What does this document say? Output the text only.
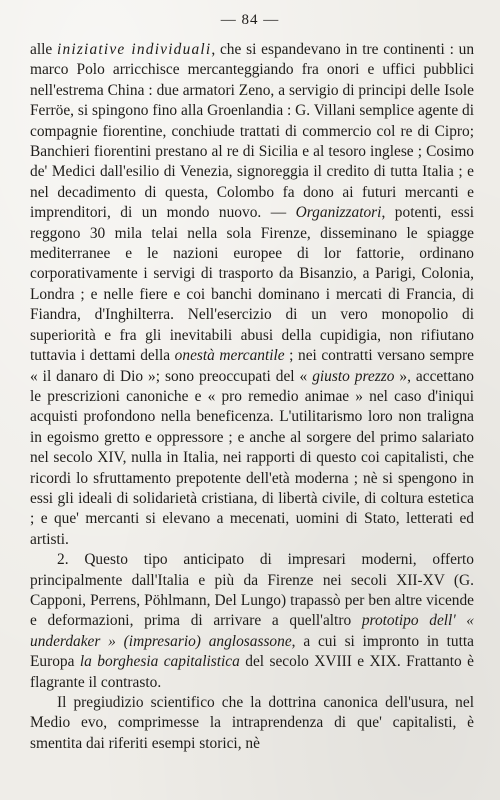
— 84 —

alle iniziative individuali, che si espandevano in tre continenti : un marco Polo arricchisce mercanteggiando fra onori e uffici pubblici nell'estrema China : due armatori Zeno, a servigio di principi delle Isole Ferröe, si spingono fino alla Groenlandia : G. Villani semplice agente di compagnie fiorentine, conchiude trattati di commercio col re di Cipro; Banchieri fiorentini prestano al re di Sicilia e al tesoro inglese ; Cosimo de' Medici dall'esilio di Venezia, signoreggia il credito di tutta Italia ; e nel decadimento di questa, Colombo fa dono ai futuri mercanti e imprenditori, di un mondo nuovo. — Organizzatori, potenti, essi reggono 30 mila telai nella sola Firenze, disseminano le spiagge mediterranee e le nazioni europee di lor fattorie, ordinano corporativamente i servigi di trasporto da Bisanzio, a Parigi, Colonia, Londra ; e nelle fiere e coi banchi dominano i mercati di Francia, di Fiandra, d'Inghilterra. Nell'esercizio di un vero monopolio di superiorità e fra gli inevitabili abusi della cupidigia, non rifiutano tuttavia i dettami della onestà mercantile ; nei contratti versano sempre « il danaro di Dio »; sono preoccupati del « giusto prezzo », accettano le prescrizioni canoniche e « pro remedio animae » nel caso d'iniqui acquisti profondono nella beneficenza. L'utilitarismo loro non traligna in egoismo gretto e oppressore ; e anche al sorgere del primo salariato nel secolo XIV, nulla in Italia, nei rapporti di questo coi capitalisti, che ricordi lo sfruttamento prepotente dell'età moderna ; nè si spengono in essi gli ideali di solidarietà cristiana, di libertà civile, di coltura estetica ; e que' mercanti si elevano a mecenati, uomini di Stato, letterati ed artisti.

2. Questo tipo anticipato di impresari moderni, offerto principalmente dall'Italia e più da Firenze nei secoli XII-XV (G. Capponi, Perrens, Pöhlmann, Del Lungo) trapassò per ben altre vicende e deformazioni, prima di arrivare a quell'altro prototipo dell' « underdaker » (impresario) anglosassone, a cui si impronto in tutta Europa la borghesia capitalistica del secolo XVIII e XIX. Frattanto è flagrante il contrasto.

Il pregiudizio scientifico che la dottrina canonica dell'usura, nel Medio evo, comprimesse la intraprendenza di que' capitalisti, è smentita dai riferiti esempi storici, nè
